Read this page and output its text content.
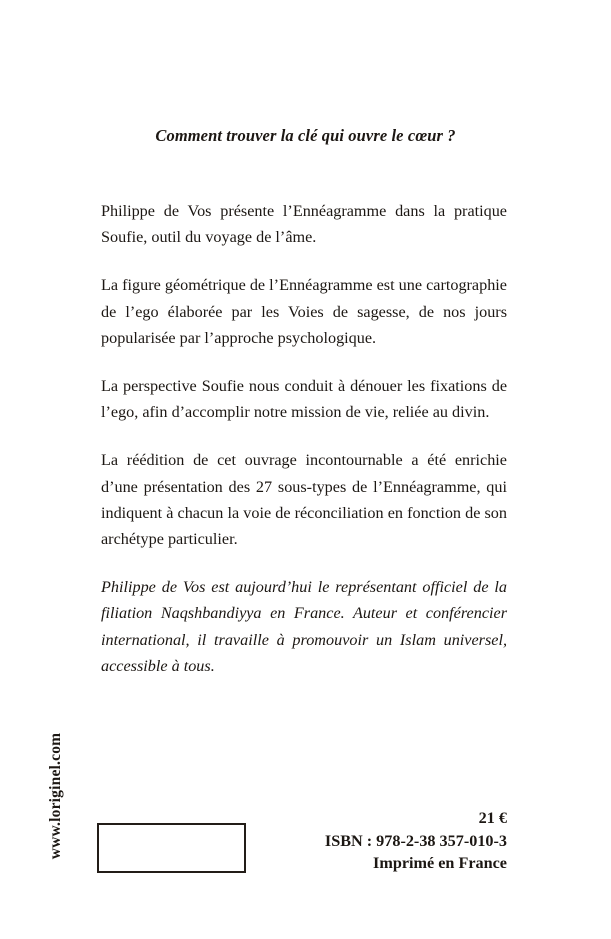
Comment trouver la clé qui ouvre le cœur ?

Philippe de Vos présente l’Ennéagramme dans la pratique Soufie, outil du voyage de l’âme.

La figure géométrique de l’Ennéagramme est une cartographie de l’ego élaborée par les Voies de sagesse, de nos jours popularisée par l’approche psychologique.

La perspective Soufie nous conduit à dénouer les fixations de l’ego, afin d’accomplir notre mission de vie, reliée au divin.

La réédition de cet ouvrage incontournable a été enrichie d’une présentation des 27 sous-types de l’Ennéagramme, qui indiquent à chacun la voie de réconciliation en fonction de son archétype particulier.

Philippe de Vos est aujourd’hui le représentant officiel de la filiation Naqshbandiyya en France. Auteur et conférencier international, il travaille à promouvoir un Islam universel, accessible à tous.

www.loriginel.com	21 €
ISBN : 978-2-38 357-010-3
Imprimé en France
